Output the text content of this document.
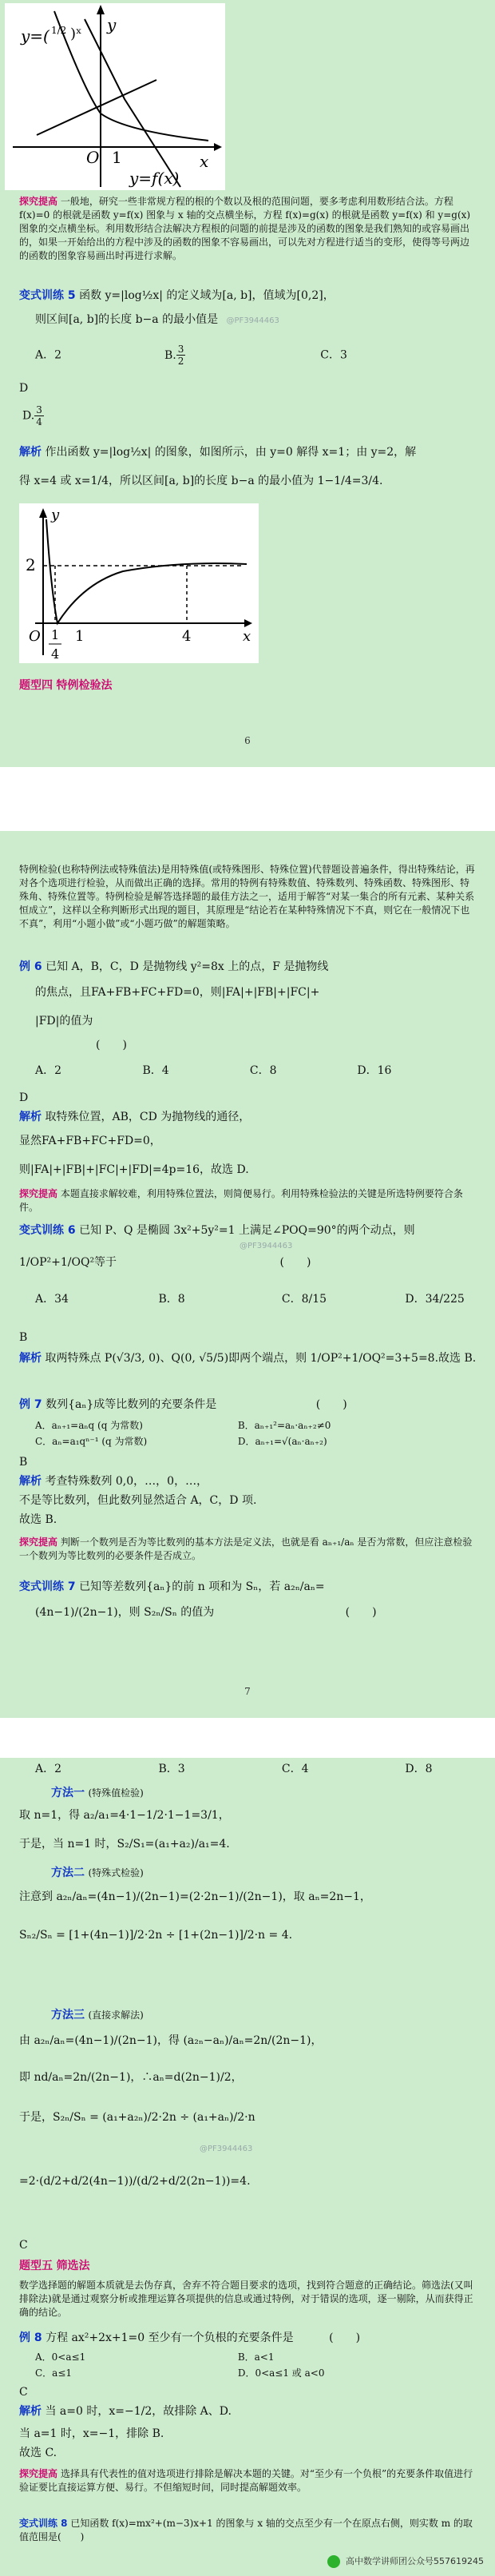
y=( 1/2 )ˣ y
x
O 1
y=f(x)
探究提高 一般地，研究一些非常规方程的根的个数以及根的范围问题，要多考虑利用数形结合法。方程 f(x)=0 的根就是函数 y=f(x) 图象与 x 轴的交点横坐标，方程 f(x)=g(x) 的根就是函数 y=f(x) 和 y=g(x) 图象的交点横坐标。利用数形结合法解决方程根的问题的前提是涉及的函数的图象是我们熟知的或容易画出的，如果一开始给出的方程中涉及的函数的图象不容易画出，可以先对方程进行适当的变形，使得等号两边的函数的图象容易画出时再进行求解。
变式训练 5 函数 y=|log½x| 的定义域为[a, b]，值域为[0,2]，
则区间[a, b]的长度 b−a 的最小值是 @PF3944463
A．2	B. $\frac{3}{2}$	C．3
D
D. $\frac{3}{4}$
解析 作出函数 y=|log½x| 的图象，如图所示，由 y=0 解得 x=1；由 y=2，解
得 x=4 或 x=1/4，所以区间[a, b]的长度 b−a 的最小值为 1−1/4=3/4.
y
x
2
O 1
4
1	4
题型四 特例检验法
6
特例检验(也称特例法或特殊值法)是用特殊值(或特殊图形、特殊位置)代替题设普遍条件，得出特殊结论，再对各个选项进行检验，从而做出正确的选择。常用的特例有特殊数值、特殊数列、特殊函数、特殊图形、特殊角、特殊位置等。特例检验是解答选择题的最佳方法之一，适用于解答“对某一集合的所有元素、某种关系恒成立”，这样以全称判断形式出现的题目，其原理是“结论若在某种特殊情况下不真，则它在一般情况下也不真”，利用“小题小做”或“小题巧做”的解题策略。
例 6 已知 A，B，C，D 是抛物线 y²=8x 上的点，F 是抛物线
的焦点，且FA+FB+FC+FD=0，则|FA|+|FB|+|FC|+
|FD|的值为
(　　)
A．2	B．4	C．8	D．16
D
解析 取特殊位置，AB，CD 为抛物线的通径，
显然FA+FB+FC+FD=0，
则|FA|+|FB|+|FC|+|FD|=4p=16，故选 D.
探究提高 本题直接求解较难，利用特殊位置法，则简便易行。利用特殊检验法的关键是所选特例要符合条件。
变式训练 6 已知 P、Q 是椭圆 3x²+5y²=1 上满足∠POQ=90°的两个动点，则
@PF3944463
1/OP²+1/OQ²等于	(　　)
A．34	B．8	C．8/15	D．34/225
B
解析 取两特殊点 P(√3/3, 0)、Q(0, √5/5)即两个端点，则 1/OP²+1/OQ²=3+5=8.故选 B.
例 7 数列{aₙ}成等比数列的充要条件是	(　　)
A．aₙ₊₁=aₙq (q 为常数)	B．aₙ₊₁²=aₙ·aₙ₊₂≠0
C．aₙ=a₁qⁿ⁻¹ (q 为常数)	D．aₙ₊₁=√(aₙ·aₙ₊₂)
B
解析 考查特殊数列 0,0，…，0，…，
不是等比数列，但此数列显然适合 A，C，D 项.
故选 B.
探究提高 判断一个数列是否为等比数列的基本方法是定义法，也就是看 aₙ₊₁/aₙ 是否为常数，但应注意检验一个数列为等比数列的必要条件是否成立。
变式训练 7 已知等差数列{aₙ}的前 n 项和为 Sₙ，若 a₂ₙ/aₙ=
(4n−1)/(2n−1)，则 S₂ₙ/Sₙ 的值为	(　　)
7
A．2	B．3	C．4	D．8
方法一 (特殊值检验)
取 n=1，得 a₂/a₁=4·1−1/2·1−1=3/1，
于是，当 n=1 时，S₂/S₁=(a₁+a₂)/a₁=4.
方法二 (特殊式检验)
注意到 a₂ₙ/aₙ=(4n−1)/(2n−1)=(2·2n−1)/(2n−1)，取 aₙ=2n−1，
Sₙ₂/Sₙ = [1+(4n−1)]/2·2n ÷ [1+(2n−1)]/2·n = 4.
方法三 (直接求解法)
由 a₂ₙ/aₙ=(4n−1)/(2n−1)，得 (a₂ₙ−aₙ)/aₙ=2n/(2n−1)，
即 nd/aₙ=2n/(2n−1)，∴aₙ=d(2n−1)/2，
于是，S₂ₙ/Sₙ = (a₁+a₂ₙ)/2·2n ÷ (a₁+aₙ)/2·n
@PF3944463
=2·(d/2+d/2(4n−1))/(d/2+d/2(2n−1))=4.
C
题型五 筛选法
数学选择题的解题本质就是去伪存真，舍弃不符合题目要求的选项，找到符合题意的正确结论。筛选法(又叫排除法)就是通过观察分析或推理运算各项提供的信息或通过特例，对于错误的选项，逐一剔除，从而获得正确的结论。
例 8 方程 ax²+2x+1=0 至少有一个负根的充要条件是	(　　)
A．0<a≤1	B．a<1
C．a≤1	D．0<a≤1 或 a<0
C
解析 当 a=0 时，x=−1/2，故排除 A、D.
当 a=1 时，x=−1，排除 B.
故选 C.
探究提高 选择具有代表性的值对选项进行排除是解决本题的关键。对“至少有一个负根”的充要条件取值进行验证要比直接运算方便、易行。不但缩短时间，同时提高解题效率。
变式训练 8 已知函数 f(x)=mx²+(m−3)x+1 的图象与 x 轴的交点至少有一个在原点右侧，则实数 m 的取值范围是(　　)
高中数学讲师团公众号557619245
